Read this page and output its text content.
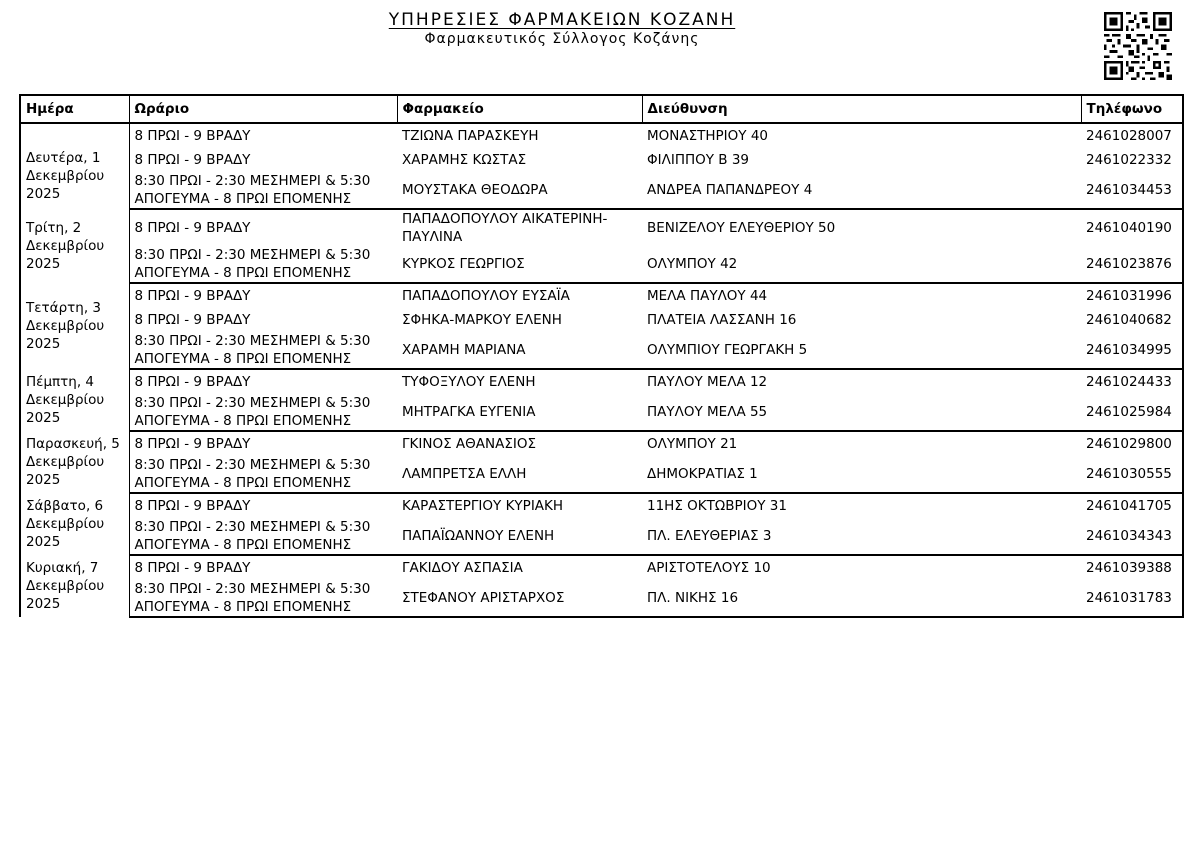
ΥΠΗΡΕΣΙΕΣ ΦΑΡΜΑΚΕΙΩΝ ΚΟΖΑΝΗ
Φαρμακευτικός Σύλλογος Κοζάνης
Ημέρα	Ωράριο	Φαρμακείο	Διεύθυνση	Τηλέφωνο

Δευτέρα, 1
Δεκεμβρίου
2025	8 ΠΡΩΙ - 9 ΒΡΑΔΥ	ΤΖΙΩΝΑ ΠΑΡΑΣΚΕΥΗ	ΜΟΝΑΣΤΗΡΙΟΥ 40	2461028007
	8 ΠΡΩΙ - 9 ΒΡΑΔΥ	ΧΑΡΑΜΗΣ ΚΩΣΤΑΣ	ΦΙΛΙΠΠΟΥ Β 39	2461022332
	8:30 ΠΡΩΙ - 2:30 ΜΕΣΗΜΕΡΙ & 5:30 ΑΠΟΓΕΥΜΑ - 8 ΠΡΩΙ ΕΠΟΜΕΝΗΣ	ΜΟΥΣΤΑΚΑ ΘΕΟΔΩΡΑ	ΑΝΔΡΕΑ ΠΑΠΑΝΔΡΕΟΥ 4	2461034453

Τρίτη, 2
Δεκεμβρίου
2025	8 ΠΡΩΙ - 9 ΒΡΑΔΥ	ΠΑΠΑΔΟΠΟΥΛΟΥ ΑΙΚΑΤΕΡΙΝΗ-ΠΑΥΛΙΝΑ	ΒΕΝΙΖΕΛΟΥ ΕΛΕΥΘΕΡΙΟΥ 50	2461040190
	8:30 ΠΡΩΙ - 2:30 ΜΕΣΗΜΕΡΙ & 5:30 ΑΠΟΓΕΥΜΑ - 8 ΠΡΩΙ ΕΠΟΜΕΝΗΣ	ΚΥΡΚΟΣ ΓΕΩΡΓΙΟΣ	ΟΛΥΜΠΟΥ 42	2461023876

Τετάρτη, 3
Δεκεμβρίου
2025	8 ΠΡΩΙ - 9 ΒΡΑΔΥ	ΠΑΠΑΔΟΠΟΥΛΟΥ ΕΥΣΑΪΑ	ΜΕΛΑ ΠΑΥΛΟΥ 44	2461031996
	8 ΠΡΩΙ - 9 ΒΡΑΔΥ	ΣΦΗΚΑ-ΜΑΡΚΟΥ ΕΛΕΝΗ	ΠΛΑΤΕΙΑ ΛΑΣΣΑΝΗ 16	2461040682
	8:30 ΠΡΩΙ - 2:30 ΜΕΣΗΜΕΡΙ & 5:30 ΑΠΟΓΕΥΜΑ - 8 ΠΡΩΙ ΕΠΟΜΕΝΗΣ	ΧΑΡΑΜΗ ΜΑΡΙΑΝΑ	ΟΛΥΜΠΙΟΥ ΓΕΩΡΓΑΚΗ 5	2461034995

Πέμπτη, 4
Δεκεμβρίου
2025	8 ΠΡΩΙ - 9 ΒΡΑΔΥ	ΤΥΦΟΞΥΛΟΥ ΕΛΕΝΗ	ΠΑΥΛΟΥ ΜΕΛΑ 12	2461024433
	8:30 ΠΡΩΙ - 2:30 ΜΕΣΗΜΕΡΙ & 5:30 ΑΠΟΓΕΥΜΑ - 8 ΠΡΩΙ ΕΠΟΜΕΝΗΣ	ΜΗΤΡΑΓΚΑ ΕΥΓΕΝΙΑ	ΠΑΥΛΟΥ ΜΕΛΑ 55	2461025984

Παρασκευή, 5
Δεκεμβρίου
2025	8 ΠΡΩΙ - 9 ΒΡΑΔΥ	ΓΚΙΝΟΣ ΑΘΑΝΑΣΙΟΣ	ΟΛΥΜΠΟΥ 21	2461029800
	8:30 ΠΡΩΙ - 2:30 ΜΕΣΗΜΕΡΙ & 5:30 ΑΠΟΓΕΥΜΑ - 8 ΠΡΩΙ ΕΠΟΜΕΝΗΣ	ΛΑΜΠΡΕΤΣΑ ΕΛΛΗ	ΔΗΜΟΚΡΑΤΙΑΣ 1	2461030555

Σάββατο, 6
Δεκεμβρίου
2025	8 ΠΡΩΙ - 9 ΒΡΑΔΥ	ΚΑΡΑΣΤΕΡΓΙΟΥ ΚΥΡΙΑΚΗ	11ΗΣ ΟΚΤΩΒΡΙΟΥ 31	2461041705
	8:30 ΠΡΩΙ - 2:30 ΜΕΣΗΜΕΡΙ & 5:30 ΑΠΟΓΕΥΜΑ - 8 ΠΡΩΙ ΕΠΟΜΕΝΗΣ	ΠΑΠΑΪΩΑΝΝΟΥ ΕΛΕΝΗ	ΠΛ. ΕΛΕΥΘΕΡΙΑΣ 3	2461034343

Κυριακή, 7
Δεκεμβρίου
2025	8 ΠΡΩΙ - 9 ΒΡΑΔΥ	ΓΑΚΙΔΟΥ ΑΣΠΑΣΙΑ	ΑΡΙΣΤΟΤΕΛΟΥΣ 10	2461039388
	8:30 ΠΡΩΙ - 2:30 ΜΕΣΗΜΕΡΙ & 5:30 ΑΠΟΓΕΥΜΑ - 8 ΠΡΩΙ ΕΠΟΜΕΝΗΣ	ΣΤΕΦΑΝΟΥ ΑΡΙΣΤΑΡΧΟΣ	ΠΛ. ΝΙΚΗΣ 16	2461031783
